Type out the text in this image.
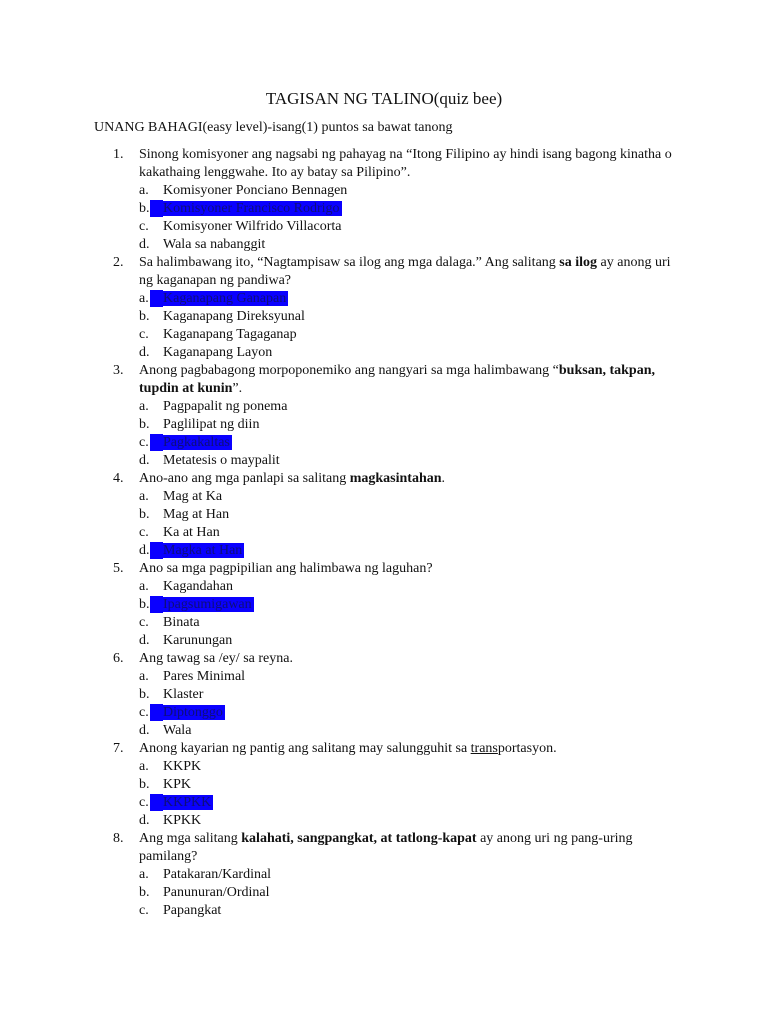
TAGISAN NG TALINO(quiz bee)
UNANG BAHAGI(easy level)-isang(1) puntos sa bawat tanong
1. Sinong komisyoner ang nagsabi ng pahayag na “Itong Filipino ay hindi isang bagong kinatha o kakathaing lenggwahe. Ito ay batay sa Pilipino”.
a. Komisyoner Ponciano Bennagen
b. Komisyoner Francisco Rodrigo
c. Komisyoner Wilfrido Villacorta
d. Wala sa nabanggit
2. Sa halimbawang ito, “Nagtampisaw sa ilog ang mga dalaga.” Ang salitang sa ilog ay anong uri ng kaganapan ng pandiwa?
a. Kaganapang Ganapan
b. Kaganapang Direksyunal
c. Kaganapang Tagaganap
d. Kaganapang Layon
3. Anong pagbabagong morpoponemiko ang nangyari sa mga halimbawang “buksan, takpan, tupdin at kunin”.
a. Pagpapalit ng ponema
b. Paglilipat ng diin
c. Pagkakaltas
d. Metatesis o maypalit
4. Ano-ano ang mga panlapi sa salitang magkasintahan.
a. Mag at Ka
b. Mag at Han
c. Ka at Han
d. Magka at Han
5. Ano sa mga pagpipilian ang halimbawa ng laguhan?
a. Kagandahan
b. Ipagsumigawan
c. Binata
d. Karunungan
6. Ang tawag sa /ey/ sa reyna.
a. Pares Minimal
b. Klaster
c. Diptonggo
d. Wala
7. Anong kayarian ng pantig ang salitang may salungguhit sa transportasyon.
a. KKPK
b. KPK
c. KKPKK
d. KPKK
8. Ang mga salitang kalahati, sangpangkat, at tatlong-kapat ay anong uri ng pang-uring pamilang?
a. Patakaran/Kardinal
b. Panunuran/Ordinal
c. Papangkat
